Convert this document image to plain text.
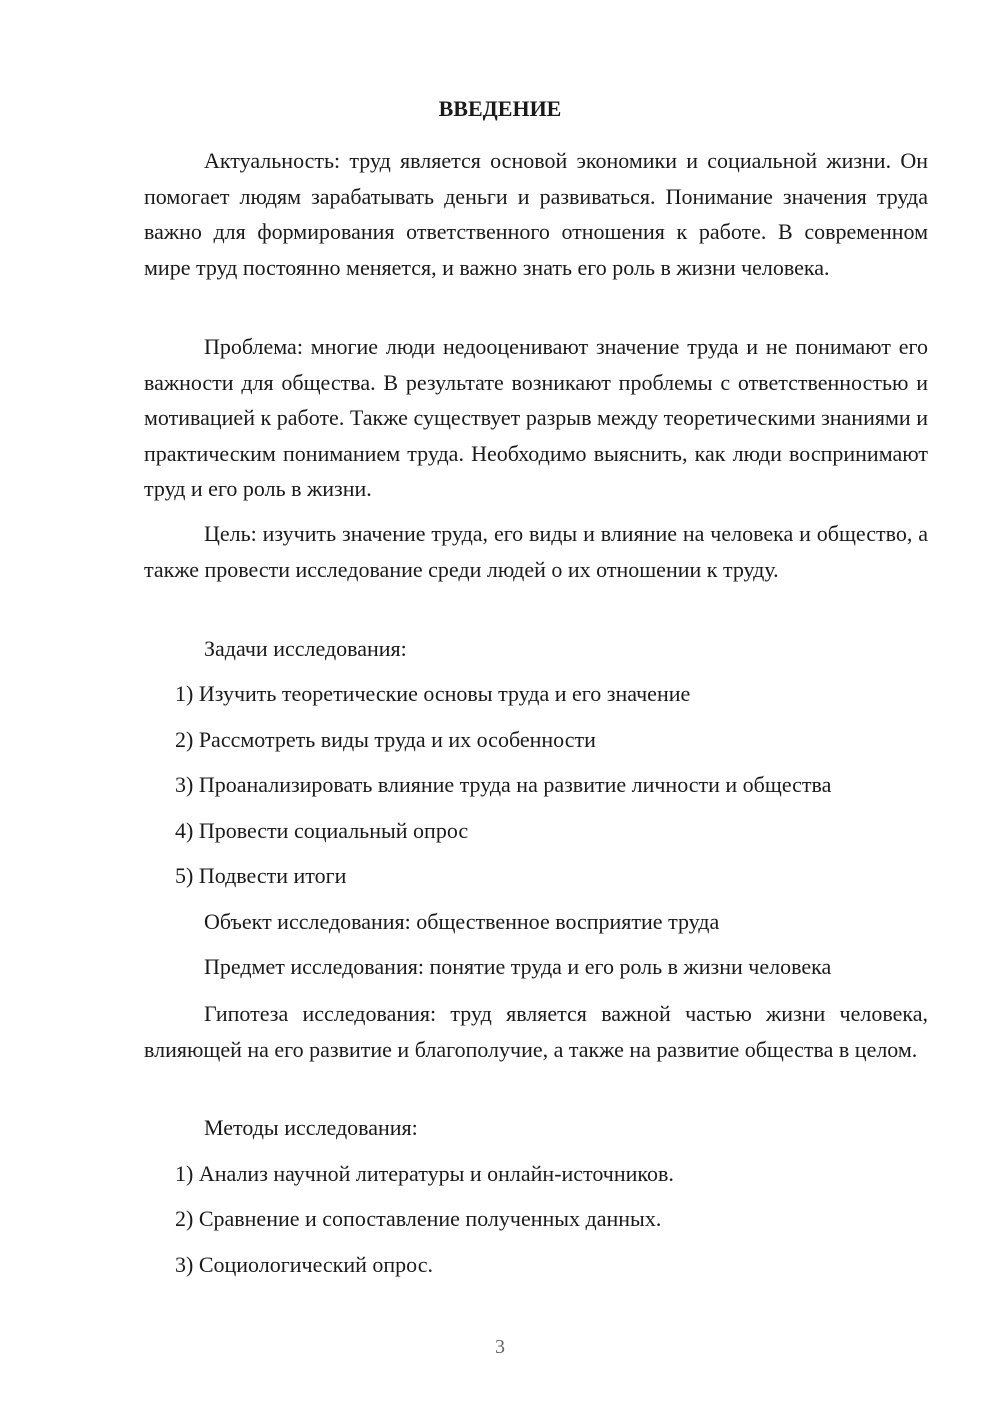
ВВЕДЕНИЕ

Актуальность: труд является основой экономики и социальной жизни. Он помогает людям зарабатывать деньги и развиваться. Понимание значения труда важно для формирования ответственного отношения к работе. В современном мире труд постоянно меняется, и важно знать его роль в жизни человека.

Проблема: многие люди недооценивают значение труда и не понимают его важности для общества. В результате возникают проблемы с ответственностью и мотивацией к работе. Также существует разрыв между теоретическими знаниями и практическим пониманием труда. Необходимо выяснить, как люди воспринимают труд и его роль в жизни.

Цель: изучить значение труда, его виды и влияние на человека и общество, а также провести исследование среди людей о их отношении к труду.

Задачи исследования:

1) Изучить теоретические основы труда и его значение

2) Рассмотреть виды труда и их особенности

3) Проанализировать влияние труда на развитие личности и общества

4) Провести социальный опрос

5) Подвести итоги

Объект исследования: общественное восприятие труда

Предмет исследования: понятие труда и его роль в жизни человека

Гипотеза исследования: труд является важной частью жизни человека, влияющей на его развитие и благополучие, а также на развитие общества в целом.

Методы исследования:

1) Анализ научной литературы и онлайн-источников.

2) Сравнение и сопоставление полученных данных.

3) Социологический опрос.

3
